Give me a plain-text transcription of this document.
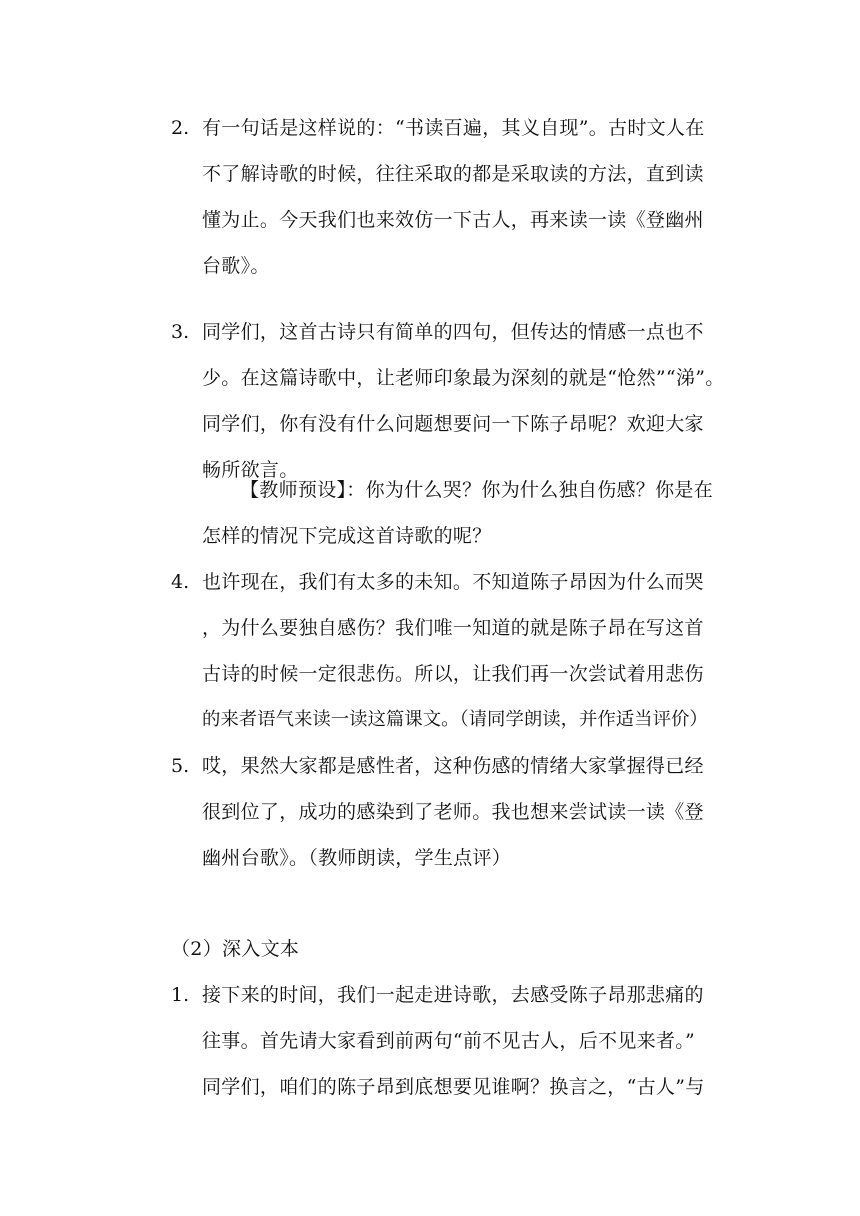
2. 有一句话是这样说的：“书读百遍，其义自现”。古时文人在
不了解诗歌的时候，往往采取的都是采取读的方法，直到读
懂为止。今天我们也来效仿一下古人，再来读一读《登幽州
台歌》。
3. 同学们，这首古诗只有简单的四句，但传达的情感一点也不
少。在这篇诗歌中，让老师印象最为深刻的就是“怆然”“涕”。
同学们，你有没有什么问题想要问一下陈子昂呢？欢迎大家
畅所欲言。
【教师预设】：你为什么哭？你为什么独自伤感？你是在
怎样的情况下完成这首诗歌的呢？
4. 也许现在，我们有太多的未知。不知道陈子昂因为什么而哭
，为什么要独自感伤？我们唯一知道的就是陈子昂在写这首
古诗的时候一定很悲伤。所以，让我们再一次尝试着用悲伤
的来者语气来读一读这篇课文。（请同学朗读，并作适当评价）
5. 哎，果然大家都是感性者，这种伤感的情绪大家掌握得已经
很到位了，成功的感染到了老师。我也想来尝试读一读《登
幽州台歌》。（教师朗读，学生点评）
（2）深入文本
1. 接下来的时间，我们一起走进诗歌，去感受陈子昂那悲痛的
往事。首先请大家看到前两句“前不见古人，后不见来者。”
同学们，咱们的陈子昂到底想要见谁啊？换言之，“古人”与
